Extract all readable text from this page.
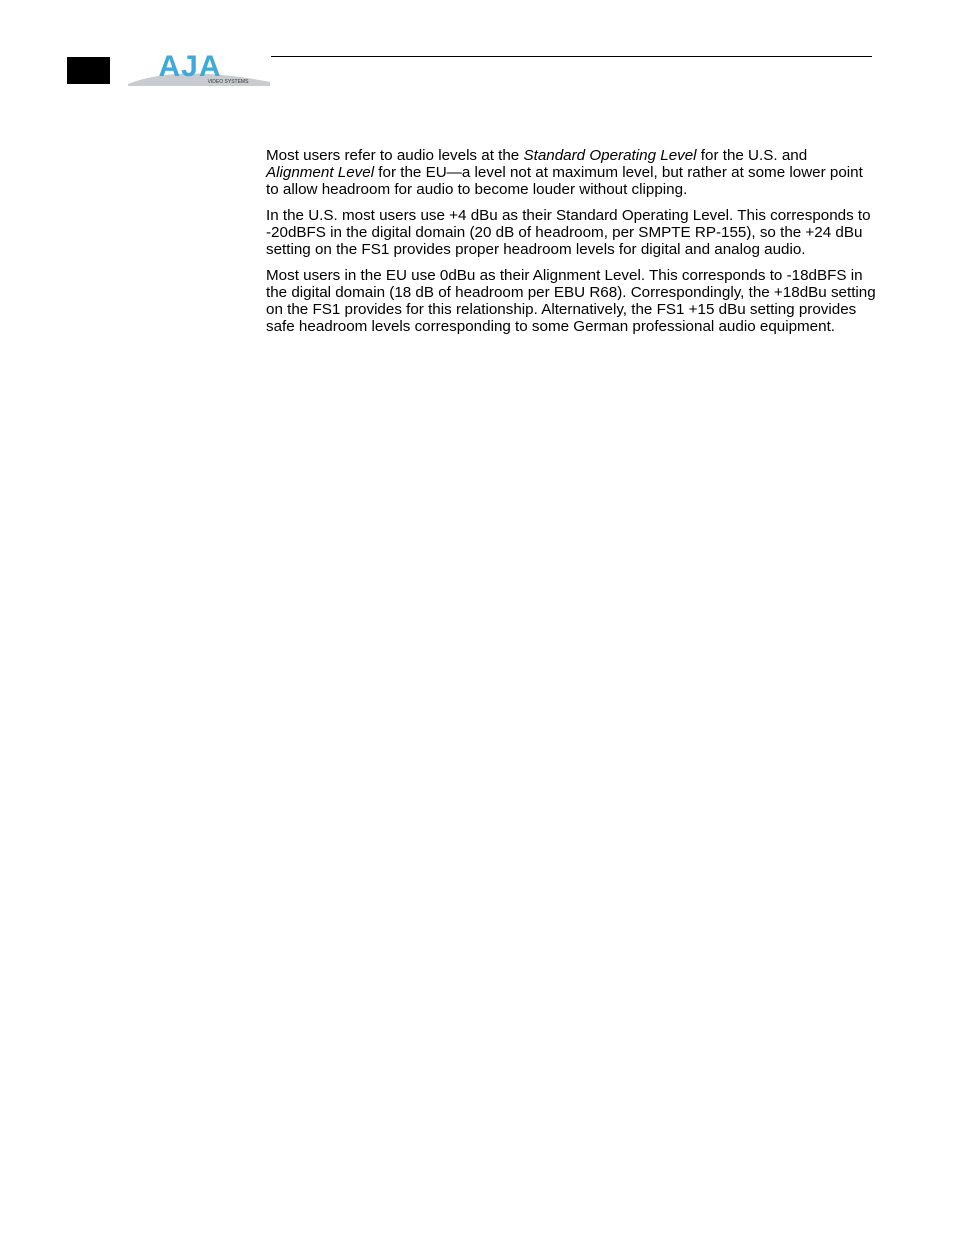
AJA
VIDEO SYSTEMS

Most users refer to audio levels at the Standard Operating Level for the U.S. and Alignment Level for the EU—a level not at maximum level, but rather at some lower point to allow headroom for audio to become louder without clipping.

In the U.S. most users use +4 dBu as their Standard Operating Level. This corresponds to -20dBFS in the digital domain (20 dB of headroom, per SMPTE RP-155), so the +24 dBu setting on the FS1 provides proper headroom levels for digital and analog audio.

Most users in the EU use 0dBu as their Alignment Level. This corresponds to -18dBFS in the digital domain (18 dB of headroom per EBU R68). Correspondingly, the +18dBu setting on the FS1 provides for this relationship. Alternatively, the FS1 +15 dBu setting provides safe headroom levels corresponding to some German professional audio equipment.
